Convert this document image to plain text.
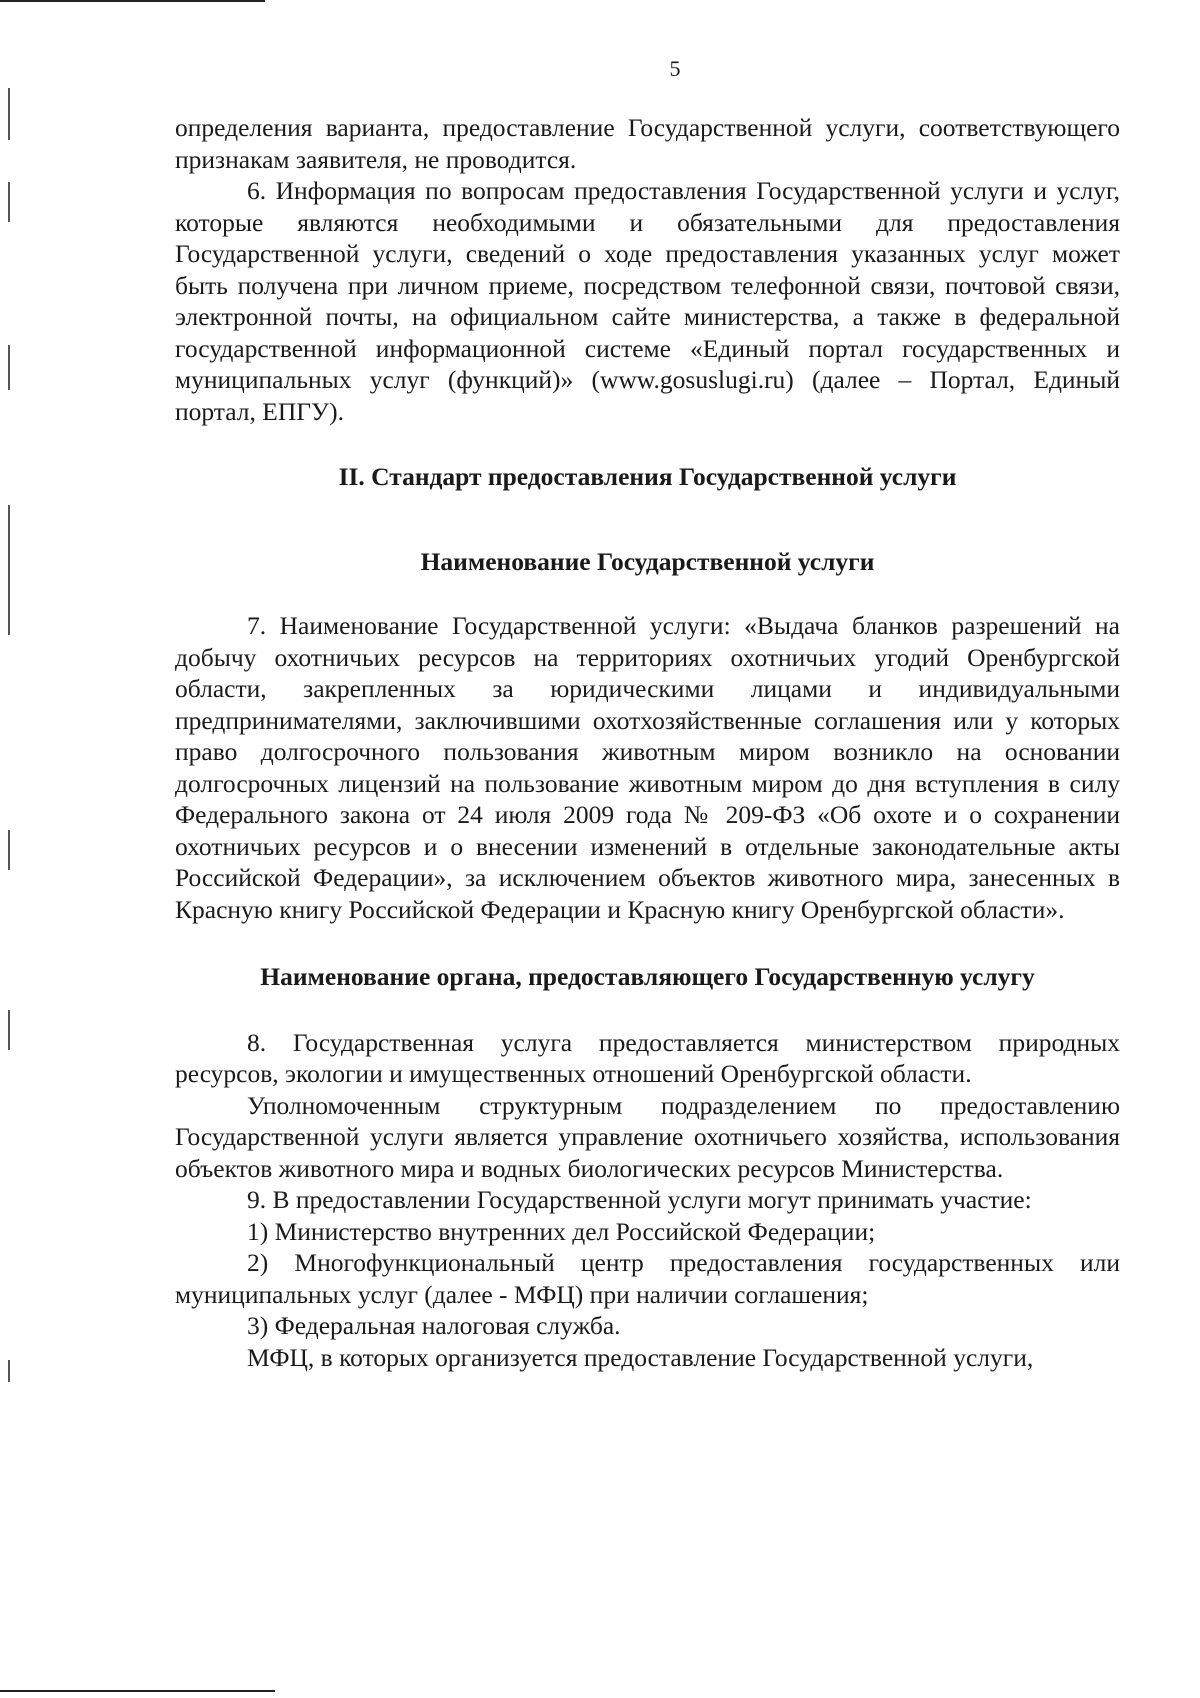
5

определения варианта, предоставление Государственной услуги, соответствующего признакам заявителя, не проводится.

6. Информация по вопросам предоставления Государственной услуги и услуг, которые являются необходимыми и обязательными для предоставления Государственной услуги, сведений о ходе предоставления указанных услуг может быть получена при личном приеме, посредством телефонной связи, почтовой связи, электронной почты, на официальном сайте министерства, а также в федеральной государственной информационной системе «Единый портал государственных и муниципальных услуг (функций)» (www.gosuslugi.ru) (далее – Портал, Единый портал, ЕПГУ).

II. Стандарт предоставления Государственной услуги
Наименование Государственной услуги

7. Наименование Государственной услуги: «Выдача бланков разрешений на добычу охотничьих ресурсов на территориях охотничьих угодий Оренбургской области, закрепленных за юридическими лицами и индивидуальными предпринимателями, заключившими охотхозяйственные соглашения или у которых право долгосрочного пользования животным миром возникло на основании долгосрочных лицензий на пользование животным миром до дня вступления в силу Федерального закона от 24 июля 2009 года № 209-ФЗ «Об охоте и о сохранении охотничьих ресурсов и о внесении изменений в отдельные законодательные акты Российской Федерации», за исключением объектов животного мира, занесенных в Красную книгу Российской Федерации и Красную книгу Оренбургской области».

Наименование органа, предоставляющего Государственную услугу

8. Государственная услуга предоставляется министерством природных ресурсов, экологии и имущественных отношений Оренбургской области.

Уполномоченным структурным подразделением по предоставлению Государственной услуги является управление охотничьего хозяйства, использования объектов животного мира и водных биологических ресурсов Министерства.

9. В предоставлении Государственной услуги могут принимать участие:

1) Министерство внутренних дел Российской Федерации;

2) Многофункциональный центр предоставления государственных или муниципальных услуг (далее - МФЦ) при наличии соглашения;

3) Федеральная налоговая служба.

МФЦ, в которых организуется предоставление Государственной услуги,
